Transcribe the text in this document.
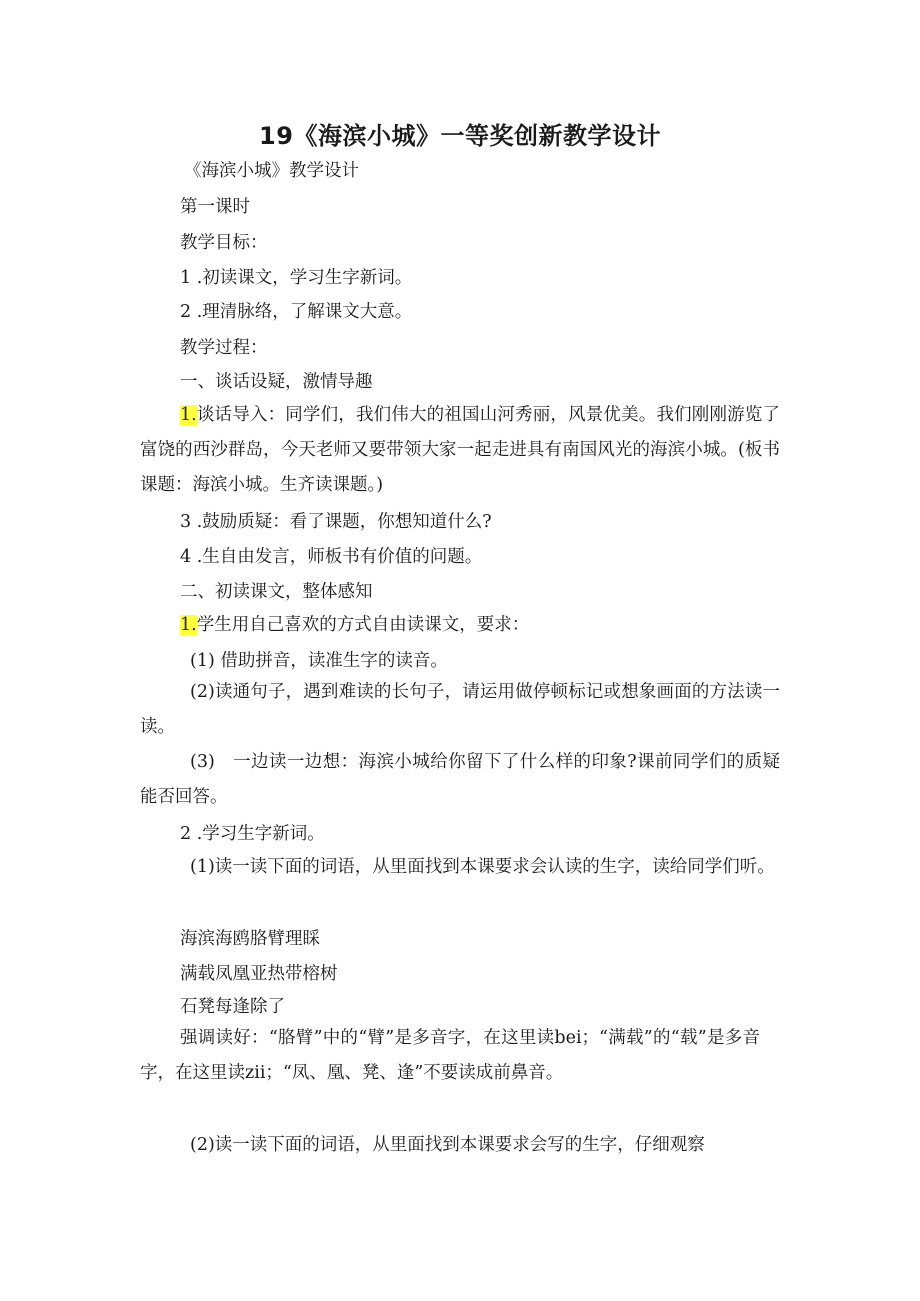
19《海滨小城》一等奖创新教学设计
《海滨小城》教学设计
第一课时
教学目标：
1 .初读课文，学习生字新词。
2 .理清脉络，了解课文大意。
教学过程：
一、谈话设疑，激情导趣
1.谈话导入：同学们，我们伟大的祖国山河秀丽，风景优美。我们刚刚游览了富饶的西沙群岛，今天老师又要带领大家一起走进具有南国风光的海滨小城。(板书课题：海滨小城。生齐读课题。)
3 .鼓励质疑：看了课题，你想知道什么?
4 .生自由发言，师板书有价值的问题。
二、初读课文，整体感知
1.学生用自己喜欢的方式自由读课文，要求：
(1) 借助拼音，读准生字的读音。
(2)读通句子，遇到难读的长句子，请运用做停顿标记或想象画面的方法读一读。
(3)　一边读一边想：海滨小城给你留下了什么样的印象?课前同学们的质疑能否回答。
2 .学习生字新词。
(1)读一读下面的词语，从里面找到本课要求会认读的生字，读给同学们听。
海滨海鸥胳臂理睬
满载凤凰亚热带榕树
石凳每逢除了
强调读好：“胳臂”中的“臂”是多音字，在这里读bei；“满载”的“载”是多音字，在这里读zii；“凤、凰、凳、逢”不要读成前鼻音。
(2)读一读下面的词语，从里面找到本课要求会写的生字，仔细观察
